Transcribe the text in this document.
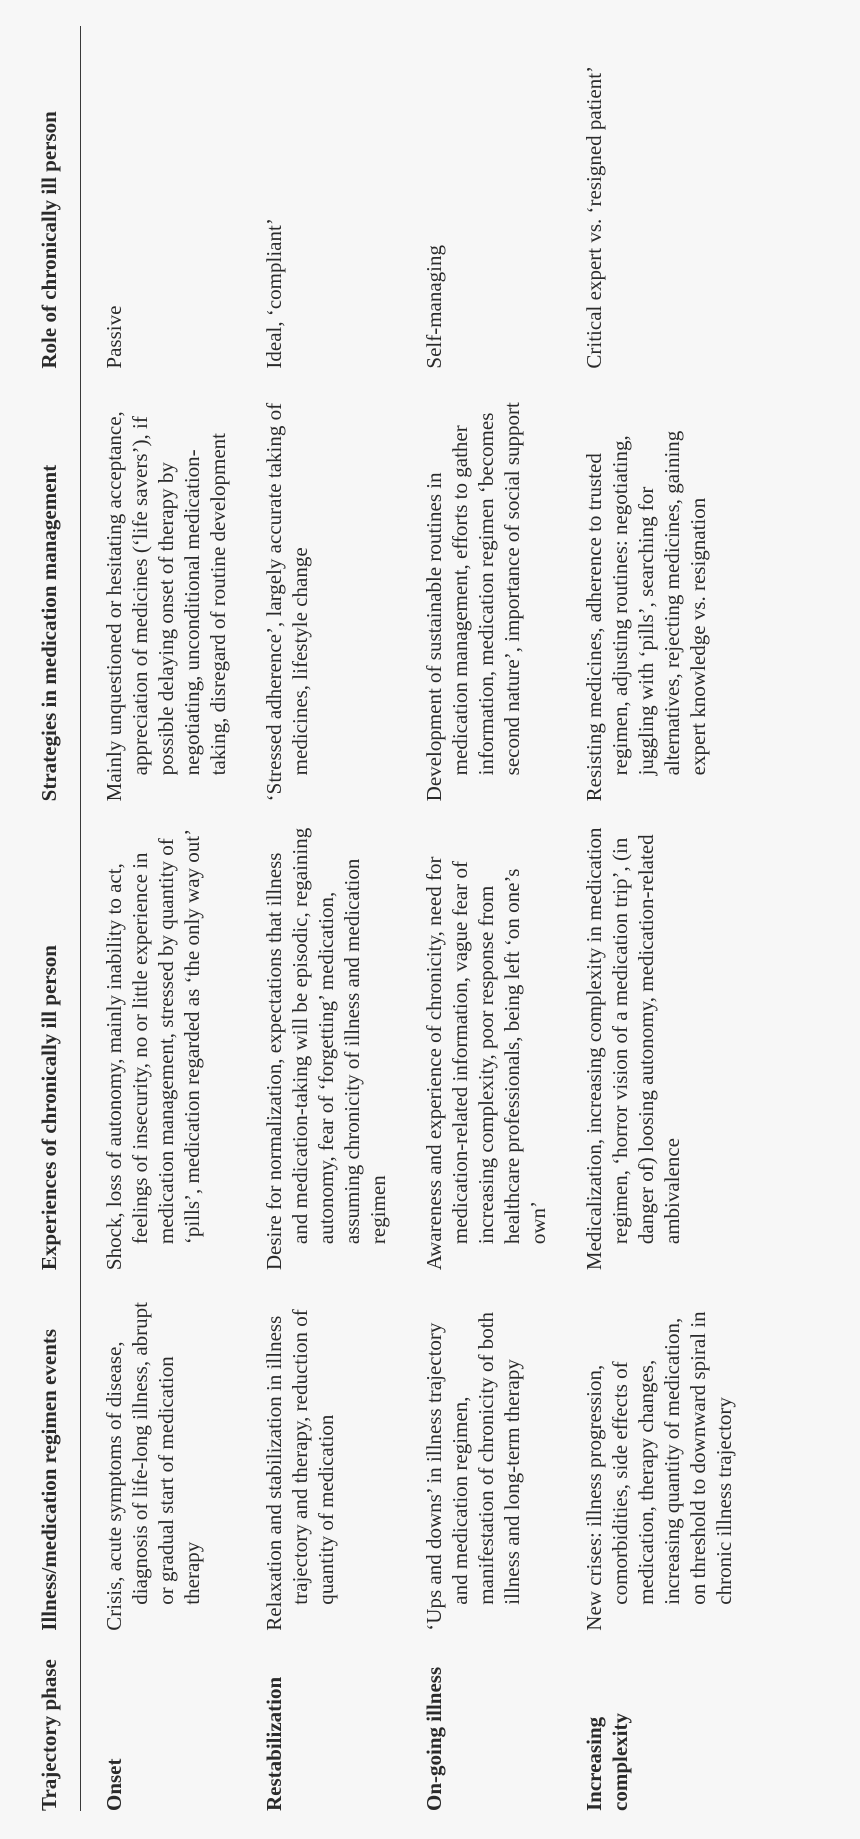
Trajectory phase	Illness/medication regimen events	Experiences of chronically ill person	Strategies in medication management	Role of chronically ill person
Onset	Crisis, acute symptoms of disease, diagnosis of life-long illness, abrupt or gradual start of medication therapy	Shock, loss of autonomy, mainly inability to act, feelings of insecurity, no or little experience in medication management, stressed by quantity of ‘pills’, medication regarded as ‘the only way out’	Mainly unquestioned or hesitating acceptance, appreciation of medicines (‘life savers’), if possible delaying onset of therapy by negotiating, unconditional medication-taking, disregard of routine development	Passive

Restabilization	Relaxation and stabilization in illness trajectory and therapy, reduction of quantity of medication	Desire for normalization, expectations that illness and medication-taking will be episodic, regaining autonomy, fear of ‘forgetting’ medication, assuming chronicity of illness and medication regimen	‘Stressed adherence’, largely accurate taking of medicines, lifestyle change	Ideal, ‘compliant’

On-going illness	‘Ups and downs’ in illness trajectory and medication regimen, manifestation of chronicity of both illness and long-term therapy	Awareness and experience of chronicity, need for medication-related information, vague fear of increasing complexity, poor response from healthcare professionals, being left ‘on one’s own’	Development of sustainable routines in medication management, efforts to gather information, medication regimen ‘becomes second nature’, importance of social support	Self-managing

Increasing complexity	New crises: illness progression, comorbidities, side effects of medication, therapy changes, increasing quantity of medication, on threshold to downward spiral in chronic illness trajectory	Medicalization, increasing complexity in medication regimen, ‘horror vision of a medication trip’, (in danger of) loosing autonomy, medication-related ambivalence	Resisting medicines, adherence to trusted regimen, adjusting routines: negotiating, juggling with ‘pills’, searching for alternatives, rejecting medicines, gaining expert knowledge vs. resignation	Critical expert vs. ‘resigned patient’
